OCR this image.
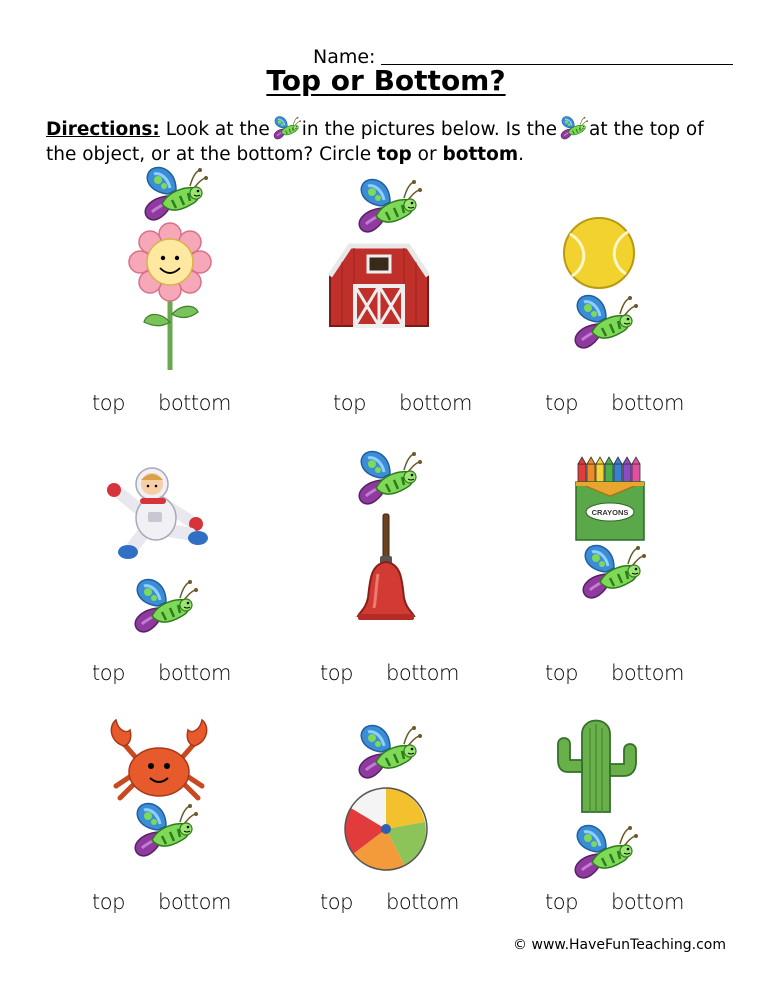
Name:
Top or Bottom?
Directions: Look at the in the pictures below. Is the at the top of the object, or at the bottom? Circle top or bottom.
top bottom	top bottom	top bottom
top bottom	top bottom
CRAYONS
top bottom
top bottom	top bottom	top bottom
© www.HaveFunTeaching.com
